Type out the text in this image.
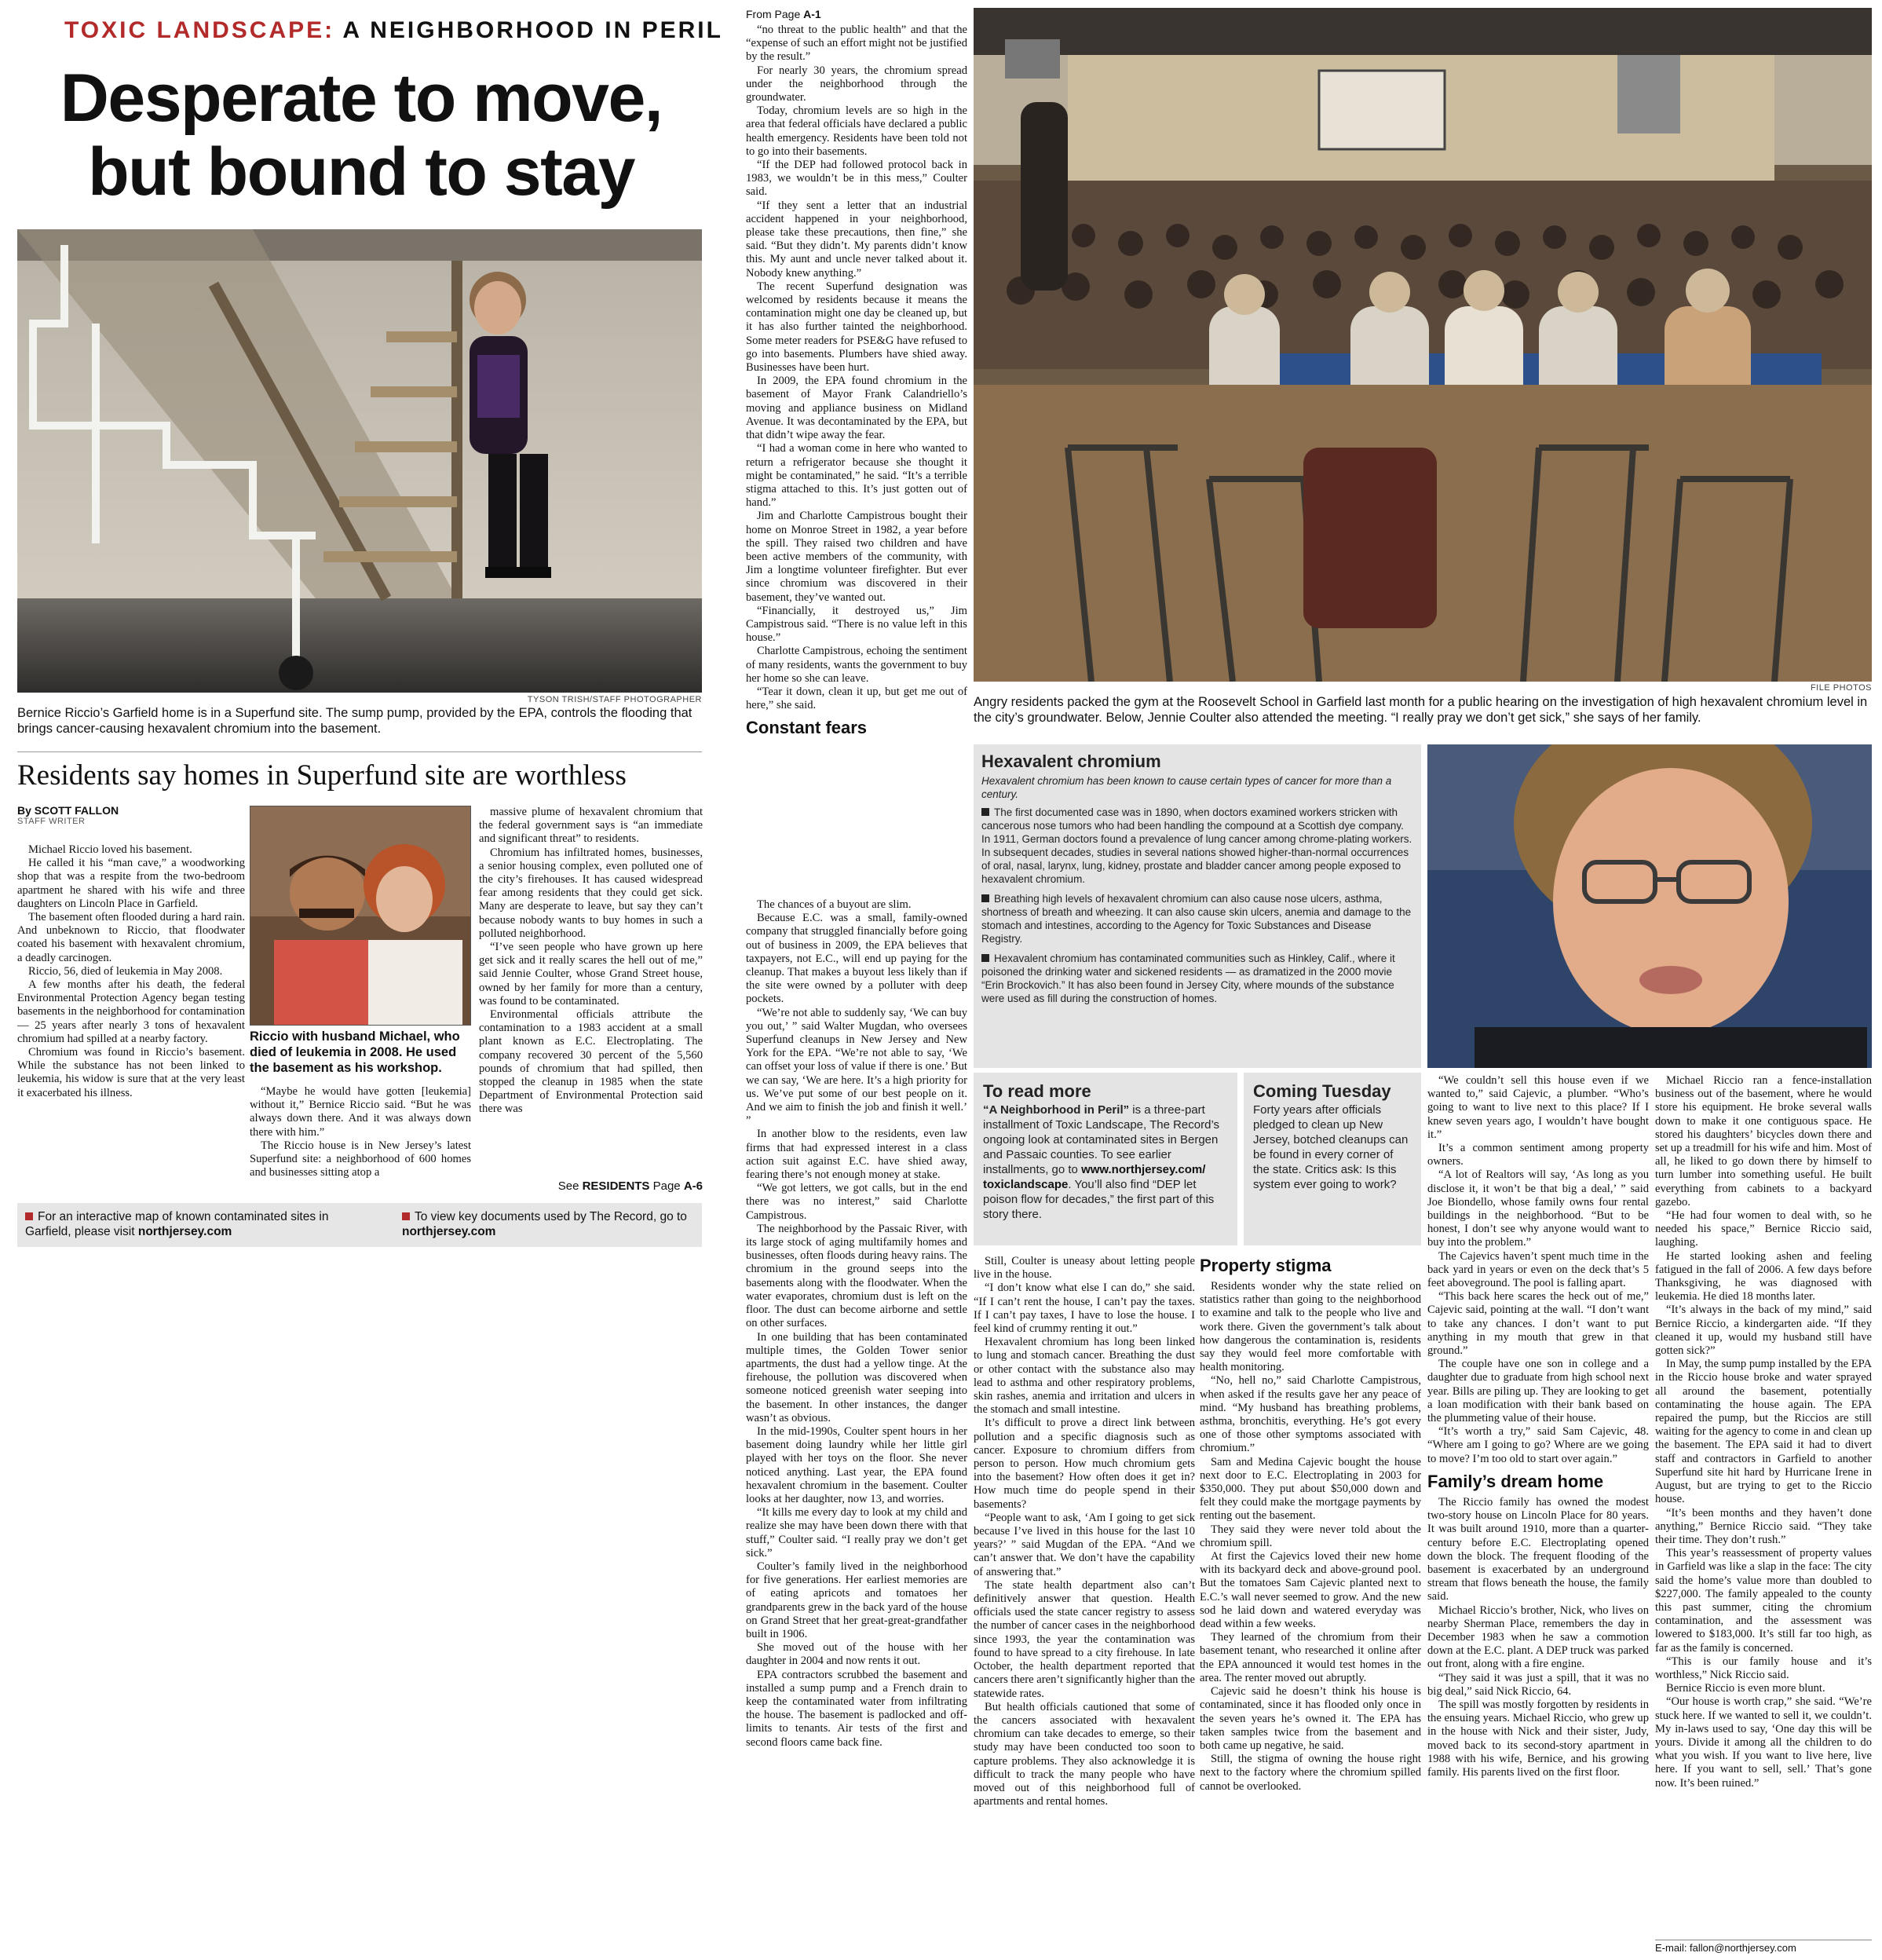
TOXIC LANDSCAPE: A NEIGHBORHOOD IN PERIL
Desperate to move,
but bound to stay
TYSON TRISH/STAFF PHOTOGRAPHER
Bernice Riccio’s Garfield home is in a Superfund site. The sump pump, provided by the EPA, controls the flooding that brings cancer-causing hexavalent chromium into the basement.
Residents say homes in Superfund site are worthless
By SCOTT FALLON
STAFF WRITER

Michael Riccio loved his basement.

He called it his “man cave,” a woodworking shop that was a respite from the two-bedroom apartment he shared with his wife and three daughters on Lincoln Place in Garfield.

The basement often flooded during a hard rain. And unbeknown to Riccio, that floodwater coated his basement with hexavalent chromium, a deadly carcinogen.

Riccio, 56, died of leukemia in May 2008.

A few months after his death, the federal Environmental Protection Agency began testing basements in the neighborhood for contamination — 25 years after nearly 3 tons of hexavalent chromium had spilled at a nearby factory.

Chromium was found in Riccio’s basement. While the substance has not been linked to leukemia, his widow is sure that at the very least it exacerbated his illness.

Riccio with husband Michael, who died of leukemia in 2008. He used the basement as his workshop.

“Maybe he would have gotten [leukemia] without it,” Bernice Riccio said. “But he was always down there. And it was always down there with him.”

The Riccio house is in New Jersey’s latest Superfund site: a neighborhood of 600 homes and businesses sitting atop a

massive plume of hexavalent chromium that the federal government says is “an immediate and significant threat” to residents.

Chromium has infiltrated homes, businesses, a senior housing complex, even polluted one of the city’s firehouses. It has caused widespread fear among residents that they could get sick. Many are desperate to leave, but say they can’t because nobody wants to buy homes in such a polluted neighborhood.

“I’ve seen people who have grown up here get sick and it really scares the hell out of me,” said Jennie Coulter, whose Grand Street house, owned by her family for more than a century, was found to be contaminated.

Environmental officials attribute the contamination to a 1983 accident at a small plant known as E.C. Electroplating. The company recovered 30 percent of the 5,560 pounds of chromium that had spilled, then stopped the cleanup in 1985 when the state Department of Environmental Protection said there was

See RESIDENTS Page A-6
For an interactive map of known contaminated sites in Garfield, please visit northjersey.com
To view key documents used by The Record, go to northjersey.com
From Page A-1

“no threat to the public health” and that the “expense of such an effort might not be justified by the result.”

For nearly 30 years, the chromium spread under the neighborhood through the groundwater.

Today, chromium levels are so high in the area that federal officials have declared a public health emergency. Residents have been told not to go into their basements.

“If the DEP had followed protocol back in 1983, we wouldn’t be in this mess,” Coulter said.

“If they sent a letter that an industrial accident happened in your neighborhood, please take these precautions, then fine,” she said. “But they didn’t. My parents didn’t know this. My aunt and uncle never talked about it. Nobody knew anything.”

The recent Superfund designation was welcomed by residents because it means the contamination might one day be cleaned up, but it has also further tainted the neighborhood. Some meter readers for PSE&G have refused to go into basements. Plumbers have shied away. Businesses have been hurt.

In 2009, the EPA found chromium in the basement of Mayor Frank Calandriello’s moving and appliance business on Midland Avenue. It was decontaminated by the EPA, but that didn’t wipe away the fear.

“I had a woman come in here who wanted to return a refrigerator because she thought it might be contaminated,” he said. “It’s a terrible stigma attached to this. It’s just gotten out of hand.”

Jim and Charlotte Campistrous bought their home on Monroe Street in 1982, a year before the spill. They raised two children and have been active members of the community, with Jim a longtime volunteer firefighter. But ever since chromium was discovered in their basement, they’ve wanted out.

“Financially, it destroyed us,” Jim Campistrous said. “There is no value left in this house.”

Charlotte Campistrous, echoing the sentiment of many residents, wants the government to buy her home so she can leave.

“Tear it down, clean it up, but get me out of here,” she said.

Constant fears

The chances of a buyout are slim.

Because E.C. was a small, family-owned company that struggled financially before going out of business in 2009, the EPA believes that taxpayers, not E.C., will end up paying for the cleanup. That makes a buyout less likely than if the site were owned by a polluter with deep pockets.

“We’re not able to suddenly say, ‘We can buy you out,’ ” said Walter Mugdan, who oversees Superfund cleanups in New Jersey and New York for the EPA. “We’re not able to say, ‘We can offset your loss of value if there is one.’ But we can say, ‘We are here. It’s a high priority for us. We’ve put some of our best people on it. And we aim to finish the job and finish it well.’ ”

In another blow to the residents, even law firms that had expressed interest in a class action suit against E.C. have shied away, fearing there’s not enough money at stake.

“We got letters, we got calls, but in the end there was no interest,” said Charlotte Campistrous.

The neighborhood by the Passaic River, with its large stock of aging multifamily homes and businesses, often floods during heavy rains. The chromium in the ground seeps into the basements along with the floodwater. When the water evaporates, chromium dust is left on the floor. The dust can become airborne and settle on other surfaces.

In one building that has been contaminated multiple times, the Golden Tower senior apartments, the dust had a yellow tinge. At the firehouse, the pollution was discovered when someone noticed greenish water seeping into the basement. In other instances, the danger wasn’t as obvious.

In the mid-1990s, Coulter spent hours in her basement doing laundry while her little girl played with her toys on the floor. She never noticed anything. Last year, the EPA found hexavalent chromium in the basement. Coulter looks at her daughter, now 13, and worries.

“It kills me every day to look at my child and realize she may have been down there with that stuff,” Coulter said. “I really pray we don’t get sick.”

Coulter’s family lived in the neighborhood for five generations. Her earliest memories are of eating apricots and tomatoes her grandparents grew in the back yard of the house on Grand Street that her great-great-grandfather built in 1906.

She moved out of the house with her daughter in 2004 and now rents it out.

EPA contractors scrubbed the basement and installed a sump pump and a French drain to keep the contaminated water from infiltrating the house. The basement is padlocked and off-limits to tenants. Air tests of the first and second floors came back fine.

FILE PHOTOS
Angry residents packed the gym at the Roosevelt School in Garfield last month for a public hearing on the investigation of high hexavalent chromium level in the city’s groundwater. Below, Jennie Coulter also attended the meeting. “I really pray we don’t get sick,” she says of her family.
Hexavalent chromium
Hexavalent chromium has been known to cause certain types of cancer for more than a century.
The first documented case was in 1890, when doctors examined workers stricken with cancerous nose tumors who had been handling the compound at a Scottish dye company. In 1911, German doctors found a prevalence of lung cancer among chrome-plating workers. In subsequent decades, studies in several nations showed higher-than-normal occurrences of oral, nasal, larynx, lung, kidney, prostate and bladder cancer among people exposed to hexavalent chromium.
Breathing high levels of hexavalent chromium can also cause nose ulcers, asthma, shortness of breath and wheezing. It can also cause skin ulcers, anemia and damage to the stomach and intestines, according to the Agency for Toxic Substances and Disease Registry.
Hexavalent chromium has contaminated communities such as Hinkley, Calif., where it poisoned the drinking water and sickened residents — as dramatized in the 2000 movie “Erin Brockovich.” It has also been found in Jersey City, where mounds of the substance were used as fill during the construction of homes.
To read more
“A Neighborhood in Peril” is a three-part installment of Toxic Landscape, The Record’s ongoing look at contaminated sites in Bergen and Passaic counties. To see earlier installments, go to www.northjersey.com/ toxiclandscape. You’ll also find “DEP let poison flow for decades,” the first part of this story there.
Coming Tuesday
Forty years after officials pledged to clean up New Jersey, botched cleanups can be found in every corner of the state. Critics ask: Is this system ever going to work?

Still, Coulter is uneasy about letting people live in the house.

“I don’t know what else I can do,” she said. “If I can’t rent the house, I can’t pay the taxes. If I can’t pay taxes, I have to lose the house. I feel kind of crummy renting it out.”

Hexavalent chromium has long been linked to lung and stomach cancer. Breathing the dust or other contact with the substance also may lead to asthma and other respiratory problems, skin rashes, anemia and irritation and ulcers in the stomach and small intestine.

It’s difficult to prove a direct link between pollution and a specific diagnosis such as cancer. Exposure to chromium differs from person to person. How much chromium gets into the basement? How often does it get in? How much time do people spend in their basements?

“People want to ask, ‘Am I going to get sick because I’ve lived in this house for the last 10 years?’ ” said Mugdan of the EPA. “And we can’t answer that. We don’t have the capability of answering that.”

The state health department also can’t definitively answer that question. Health officials used the state cancer registry to assess the number of cancer cases in the neighborhood since 1993, the year the contamination was found to have spread to a city firehouse. In late October, the health department reported that cancers there aren’t significantly higher than the statewide rates.

But health officials cautioned that some of the cancers associated with hexavalent chromium can take decades to emerge, so their study may have been conducted too soon to capture problems. They also acknowledge it is difficult to track the many people who have moved out of this neighborhood full of apartments and rental homes.

Property stigma

Residents wonder why the state relied on statistics rather than going to the neighborhood to examine and talk to the people who live and work there. Given the government’s talk about how dangerous the contamination is, residents say they would feel more comfortable with health monitoring.

“No, hell no,” said Charlotte Campistrous, when asked if the results gave her any peace of mind. “My husband has breathing problems, asthma, bronchitis, everything. He’s got every one of those other symptoms associated with chromium.”

Sam and Medina Cajevic bought the house next door to E.C. Electroplating in 2003 for $350,000. They put about $50,000 down and felt they could make the mortgage payments by renting out the basement.

They said they were never told about the chromium spill.

At first the Cajevics loved their new home with its backyard deck and above-ground pool. But the tomatoes Sam Cajevic planted next to E.C.’s wall never seemed to grow. And the new sod he laid down and watered everyday was dead within a few weeks.

They learned of the chromium from their basement tenant, who researched it online after the EPA announced it would test homes in the area. The renter moved out abruptly.

Cajevic said he doesn’t think his house is contaminated, since it has flooded only once in the seven years he’s owned it. The EPA has taken samples twice from the basement and both came up negative, he said.

Still, the stigma of owning the house right next to the factory where the chromium spilled cannot be overlooked.

“We couldn’t sell this house even if we wanted to,” said Cajevic, a plumber. “Who’s going to want to live next to this place? If I knew seven years ago, I wouldn’t have bought it.”

It’s a common sentiment among property owners.

“A lot of Realtors will say, ‘As long as you disclose it, it won’t be that big a deal,’ ” said Joe Biondello, whose family owns four rental buildings in the neighborhood. “But to be honest, I don’t see why anyone would want to buy into the problem.”

The Cajevics haven’t spent much time in the back yard in years or even on the deck that’s 5 feet aboveground. The pool is falling apart.

“This back here scares the heck out of me,” Cajevic said, pointing at the wall. “I don’t want to take any chances. I don’t want to put anything in my mouth that grew in that ground.”

The couple have one son in college and a daughter due to graduate from high school next year. Bills are piling up. They are looking to get a loan modification with their bank based on the plummeting value of their house.

“It’s worth a try,” said Sam Cajevic, 48. “Where am I going to go? Where are we going to move? I’m too old to start over again.”

Family’s dream home

The Riccio family has owned the modest two-story house on Lincoln Place for 80 years. It was built around 1910, more than a quarter-century before E.C. Electroplating opened down the block. The frequent flooding of the basement is exacerbated by an underground stream that flows beneath the house, the family said.

Michael Riccio’s brother, Nick, who lives on nearby Sherman Place, remembers the day in December 1983 when he saw a commotion down at the E.C. plant. A DEP truck was parked out front, along with a fire engine.

“They said it was just a spill, that it was no big deal,” said Nick Riccio, 64.

The spill was mostly forgotten by residents in the ensuing years. Michael Riccio, who grew up in the house with Nick and their sister, Judy, moved back to its second-story apartment in 1988 with his wife, Bernice, and his growing family. His parents lived on the first floor.

Michael Riccio ran a fence-installation business out of the basement, where he would store his equipment. He broke several walls down to make it one contiguous space. He stored his daughters’ bicycles down there and set up a treadmill for his wife and him. Most of all, he liked to go down there by himself to turn lumber into something useful. He built everything from cabinets to a backyard gazebo.

“He had four women to deal with, so he needed his space,” Bernice Riccio said, laughing.

He started looking ashen and feeling fatigued in the fall of 2006. A few days before Thanksgiving, he was diagnosed with leukemia. He died 18 months later.

“It’s always in the back of my mind,” said Bernice Riccio, a kindergarten aide. “If they cleaned it up, would my husband still have gotten sick?”

In May, the sump pump installed by the EPA in the Riccio house broke and water sprayed all around the basement, potentially contaminating the house again. The EPA repaired the pump, but the Riccios are still waiting for the agency to come in and clean up the basement. The EPA said it had to divert staff and contractors in Garfield to another Superfund site hit hard by Hurricane Irene in August, but are trying to get to the Riccio house.

“It’s been months and they haven’t done anything,” Bernice Riccio said. “They take their time. They don’t rush.”

This year’s reassessment of property values in Garfield was like a slap in the face: The city said the home’s value more than doubled to $227,000. The family appealed to the county this past summer, citing the chromium contamination, and the assessment was lowered to $183,000. It’s still far too high, as far as the family is concerned.

“This is our family house and it’s worthless,” Nick Riccio said.

Bernice Riccio is even more blunt.

“Our house is worth crap,” she said. “We’re stuck here. If we wanted to sell it, we couldn’t. My in-laws used to say, ‘One day this will be yours. Divide it among all the children to do what you wish. If you want to live here, live here. If you want to sell, sell.’ That’s gone now. It’s been ruined.”

E-mail: fallon@northjersey.com
